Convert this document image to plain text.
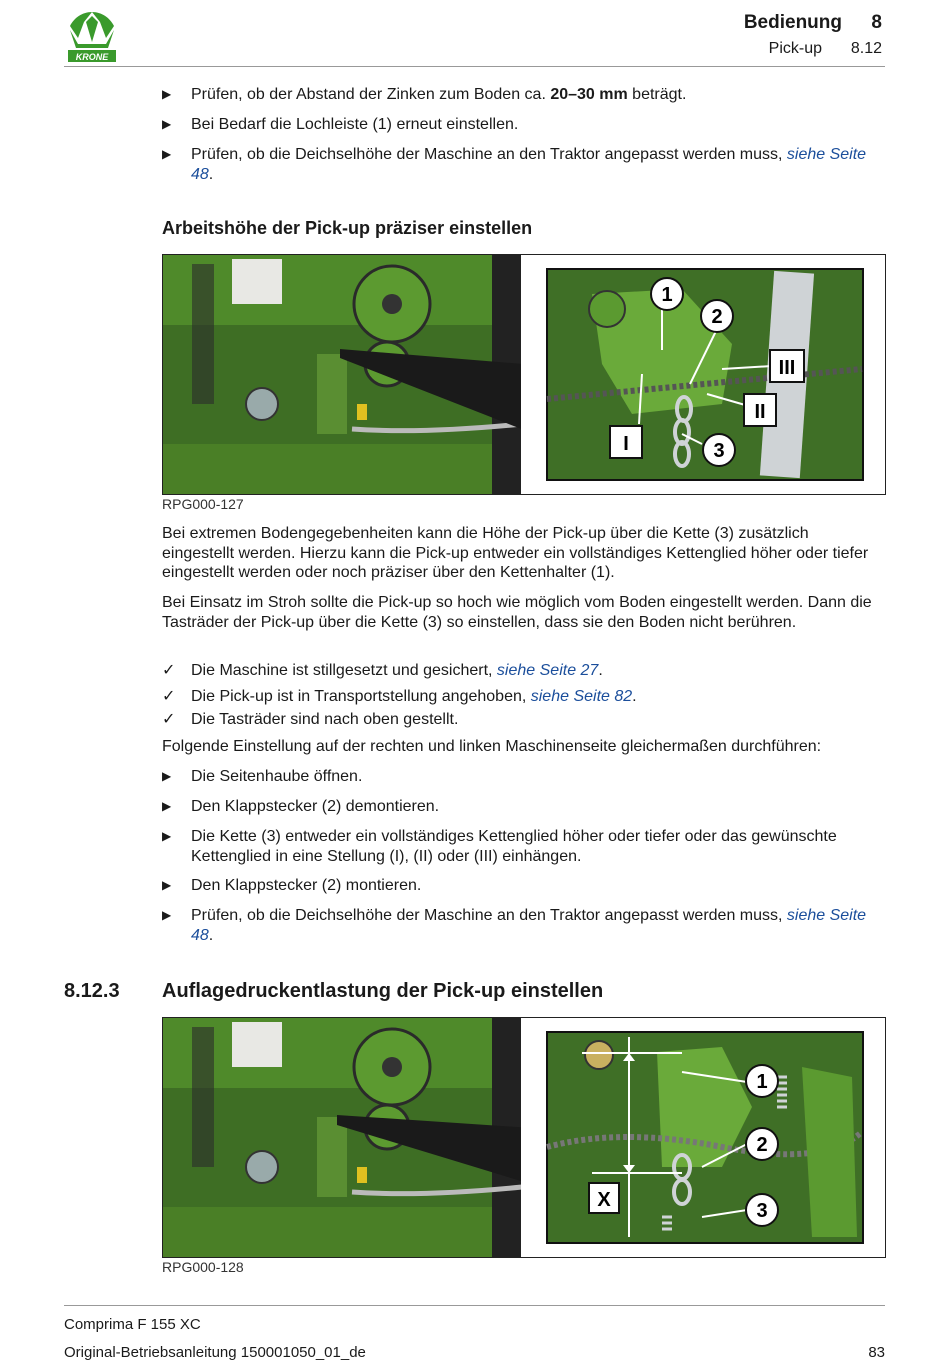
KRONE
Bedienung 8
Pick-up 8.12
▶ Prüfen, ob der Abstand der Zinken zum Boden ca. 20–30 mm beträgt.
▶ Bei Bedarf die Lochleiste (1) erneut einstellen.
▶ Prüfen, ob die Deichselhöhe der Maschine an den Traktor angepasst werden muss, siehe Seite 48.
Arbeitshöhe der Pick-up präziser einstellen
1
2
III
II
I	3
RPG000-127
Bei extremen Bodengegebenheiten kann die Höhe der Pick-up über die Kette (3) zusätzlich eingestellt werden. Hierzu kann die Pick-up entweder ein vollständiges Kettenglied höher oder tiefer eingestellt werden oder noch präziser über den Kettenhalter (1).
Bei Einsatz im Stroh sollte die Pick-up so hoch wie möglich vom Boden eingestellt werden. Dann die Tasträder der Pick-up über die Kette (3) so einstellen, dass sie den Boden nicht berühren.
✓ Die Maschine ist stillgesetzt und gesichert, siehe Seite 27.
✓ Die Pick-up ist in Transportstellung angehoben, siehe Seite 82.
✓ Die Tasträder sind nach oben gestellt.
Folgende Einstellung auf der rechten und linken Maschinenseite gleichermaßen durchführen:
▶ Die Seitenhaube öffnen.
▶ Den Klappstecker (2) demontieren.
▶ Die Kette (3) entweder ein vollständiges Kettenglied höher oder tiefer oder das gewünschte Kettenglied in eine Stellung (I), (II) oder (III) einhängen.
▶ Den Klappstecker (2) montieren.
▶ Prüfen, ob die Deichselhöhe der Maschine an den Traktor angepasst werden muss, siehe Seite 48.
8.12.3 Auflagedruckentlastung der Pick-up einstellen
1
2
X	3
RPG000-128
Comprima F 155 XC
Original-Betriebsanleitung 150001050_01_de	83
